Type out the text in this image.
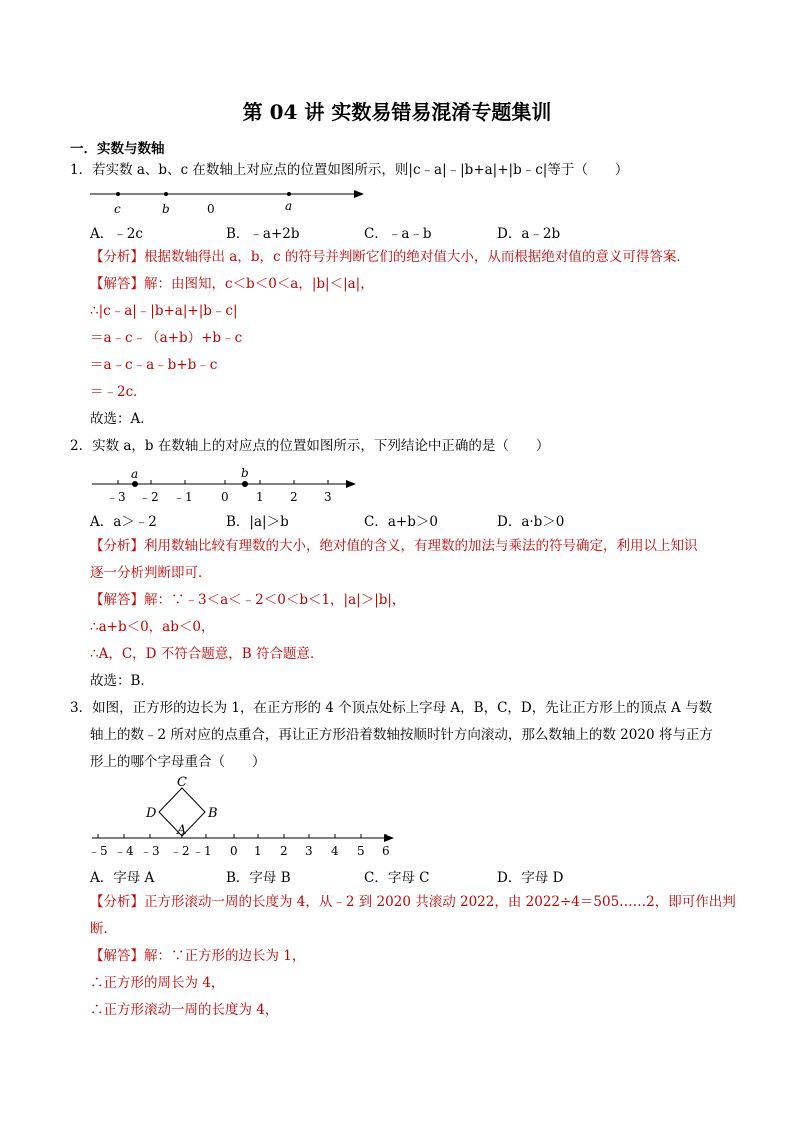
第 04 讲 实数易错易混淆专题集训
一．实数与数轴
1．若实数 a、b、c 在数轴上对应点的位置如图所示，则|c﹣a|﹣|b+a|+|b﹣c|等于（　　）
c	b	0	a
A．﹣2c	B．﹣a+2b	C．﹣a﹣b	D．a﹣2b
【分析】根据数轴得出 a，b，c 的符号并判断它们的绝对值大小，从而根据绝对值的意义可得答案．
【解答】解：由图知，c＜b＜0＜a，|b|＜|a|，
∴|c﹣a|﹣|b+a|+|b﹣c|
＝a﹣c﹣（a+b）+b﹣c
＝a﹣c﹣a﹣b+b﹣c
＝﹣2c．
故选：A．
2．实数 a，b 在数轴上的对应点的位置如图所示，下列结论中正确的是（　　）
a	b
﹣3 ﹣2 ﹣1 0 1 2 3
A．a＞﹣2	B．|a|＞b	C．a+b＞0	D．a·b＞0
【分析】利用数轴比较有理数的大小，绝对值的含义，有理数的加法与乘法的符号确定，利用以上知识
逐一分析判断即可．
【解答】解：∵﹣3＜a＜﹣2＜0＜b＜1，|a|＞|b|，
∴a+b＜0，ab＜0，
∴A，C，D 不符合题意，B 符合题意．
故选：B．
3．如图，正方形的边长为 1，在正方形的 4 个顶点处标上字母 A，B，C，D，先让正方形上的顶点 A 与数
轴上的数﹣2 所对应的点重合，再让正方形沿着数轴按顺时针方向滚动，那么数轴上的数 2020 将与正方
形上的哪个字母重合（　　）
C
D	B
A
﹣5 ﹣4 ﹣3 ﹣2 ﹣1 0 1 2 3 4 5 6
A．字母 A	B．字母 B	C．字母 C	D．字母 D
【分析】正方形滚动一周的长度为 4，从﹣2 到 2020 共滚动 2022，由 2022÷4＝505……2，即可作出判
断．
【解答】解：∵正方形的边长为 1，
∴正方形的周长为 4，
∴正方形滚动一周的长度为 4，
